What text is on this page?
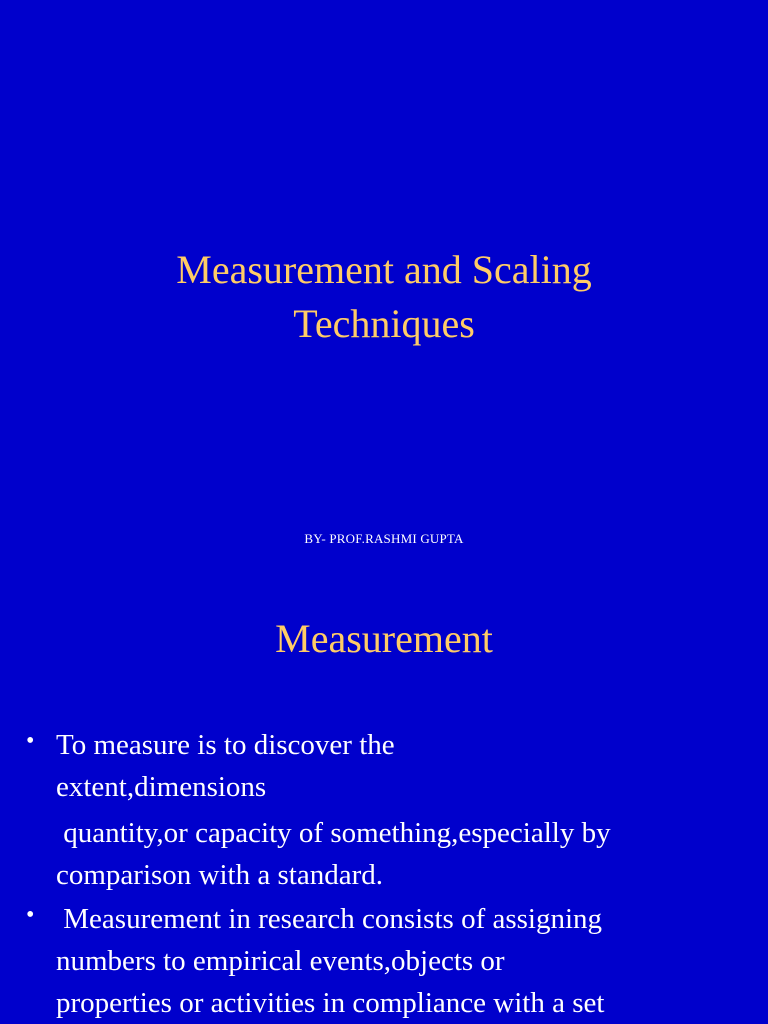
Measurement and Scaling
Techniques
BY- PROF.RASHMI GUPTA
Measurement
• To measure is to discover the
extent,dimensions
quantity,or capacity of something,especially by
comparison with a standard.
• Measurement in research consists of assigning
numbers to empirical events,objects or
properties or activities in compliance with a set
